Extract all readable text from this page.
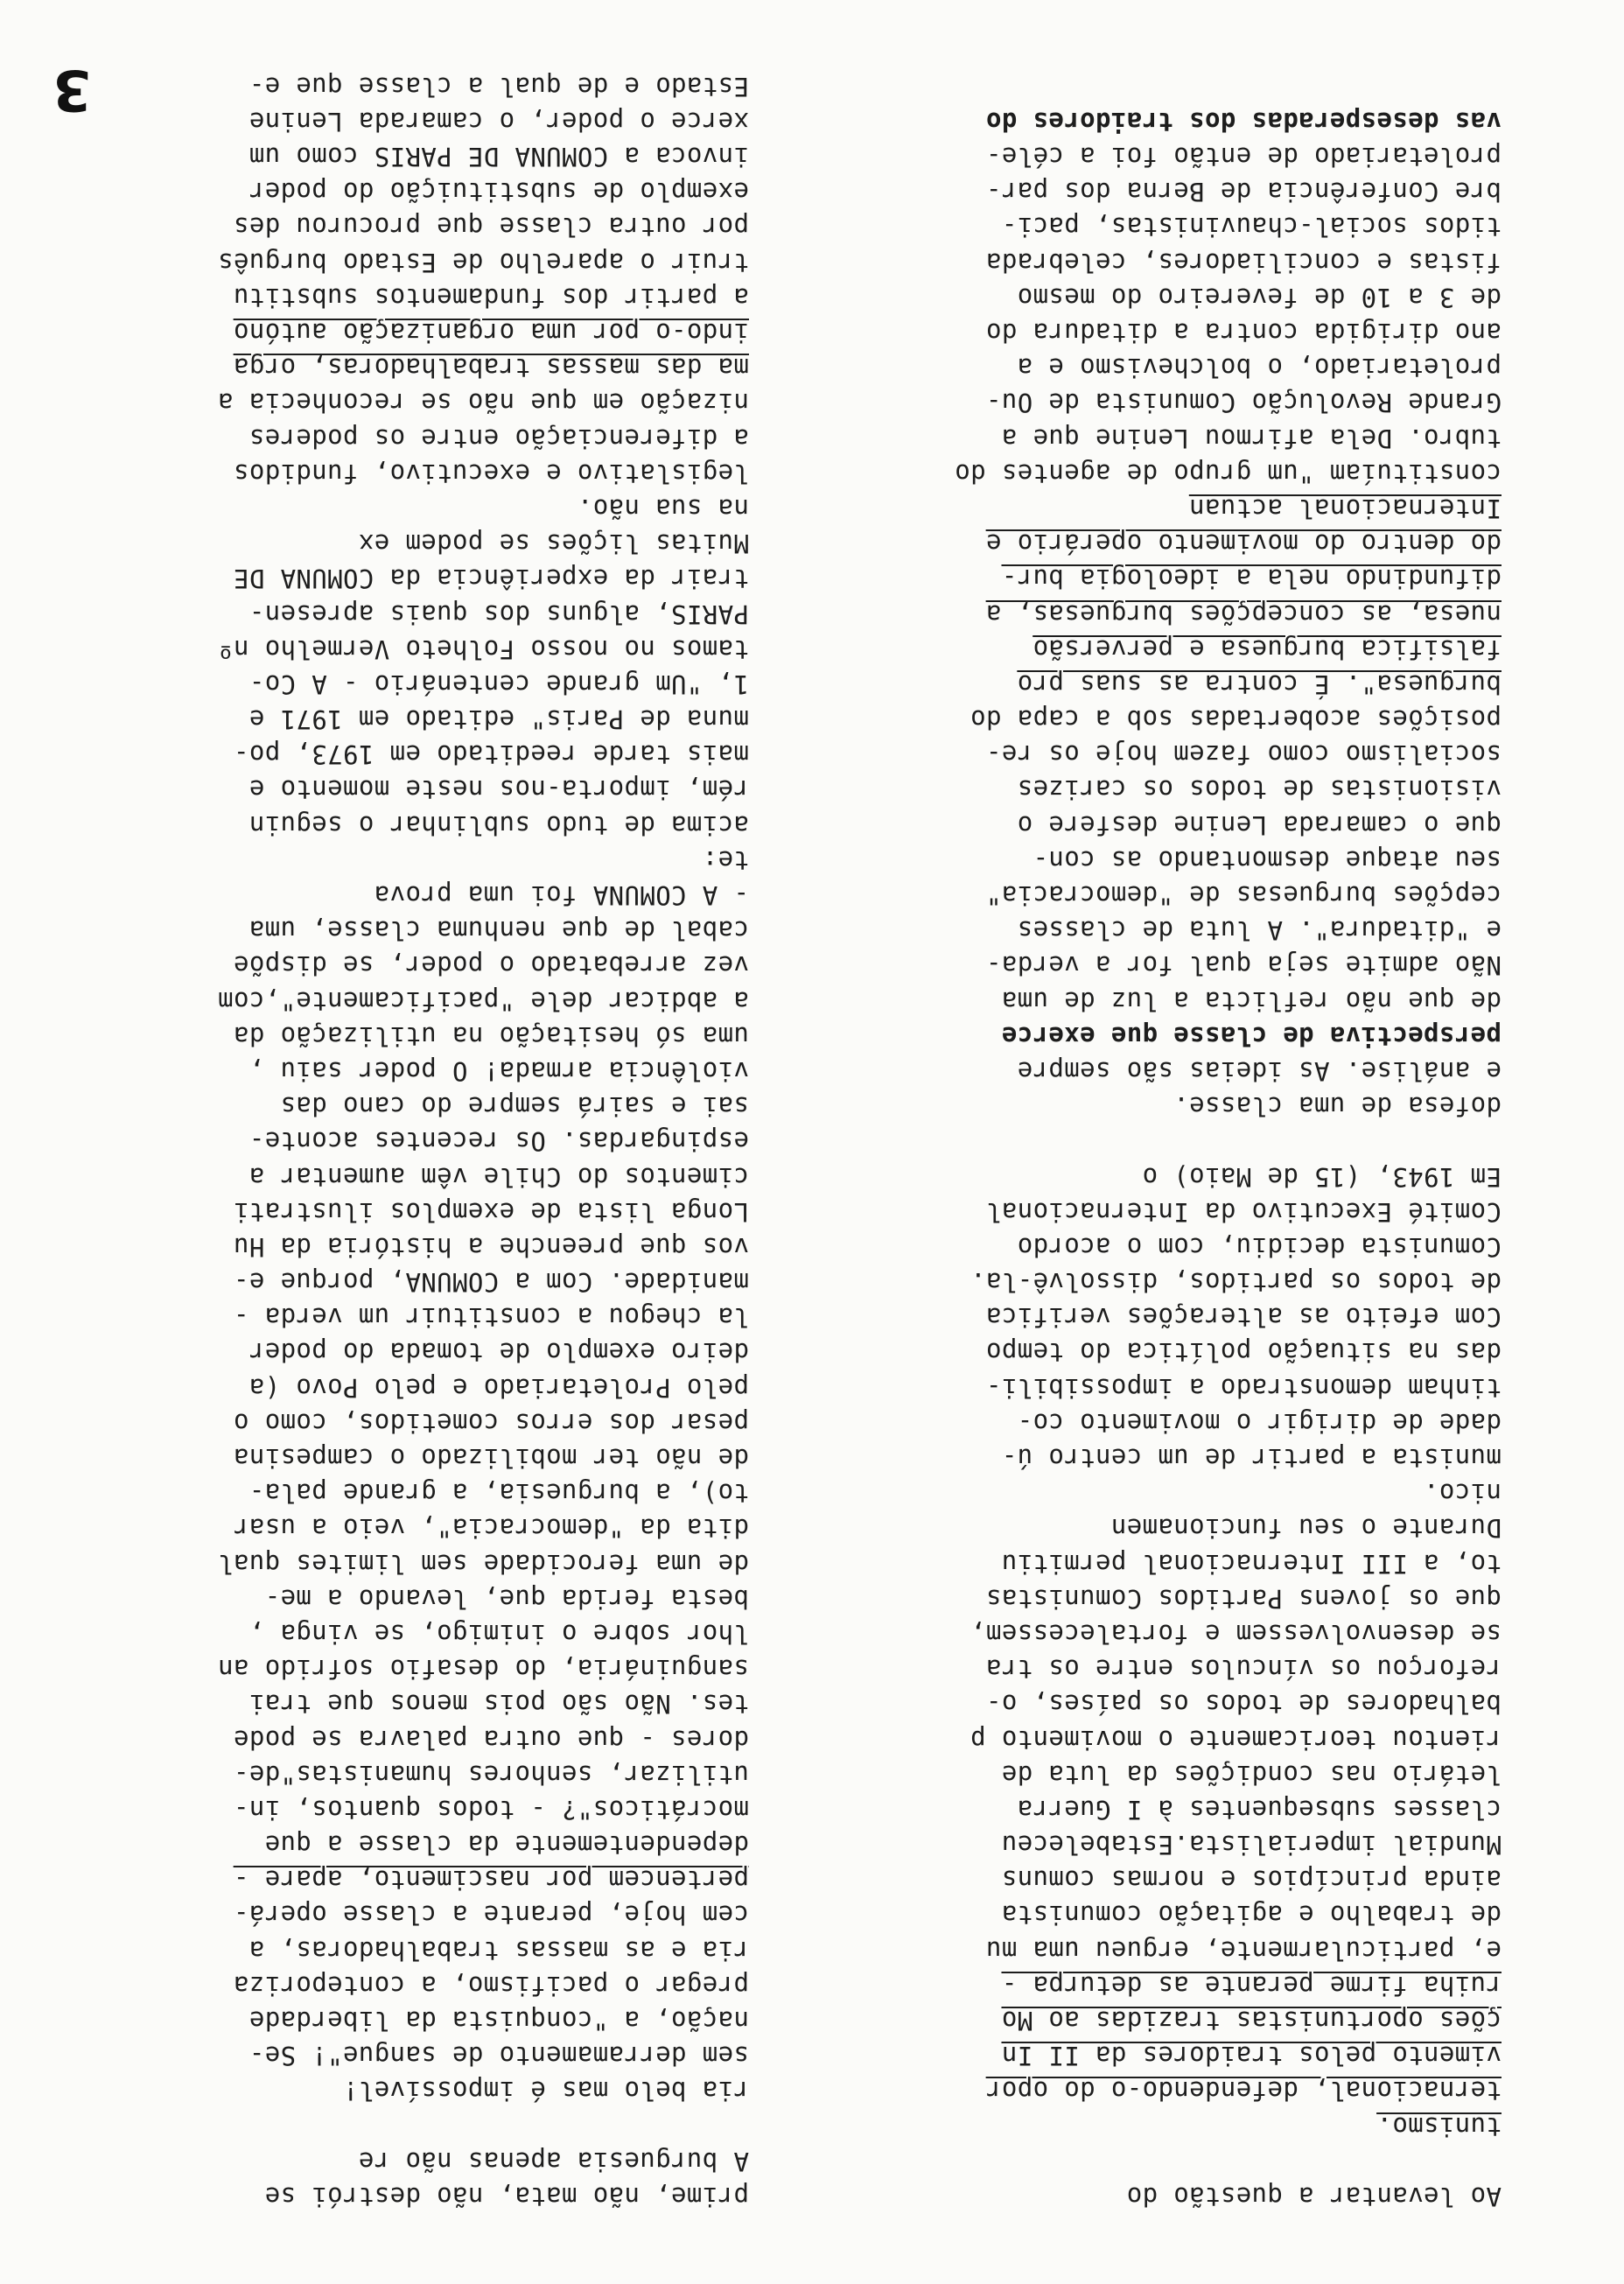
3
Ao levantar a questão do
tunismo.
ternacional, defendendo-o do opor
vimento pelos traidores da II In
ções oportunistas trazidas ao Mo
ruiha firme perante as deturpa -
e, particularmente, ergueu uma mu
de trabalho e agitação comunista
ainda princípios e normas comuns
Mundial imperialista.Estabeleceu
classes subsequentes à I Guerra
letário nas condições da luta de
rientou teoricamente o movimento p
balhadores de todos os países, o-
reforçou os vínculos entre os tra
se desenvolvessem e fortalecessem,
que os jovens Partidos Comunistas
to, a III Internacional permitiu
Durante o seu funcionamen
nico.
munista a partir de um centro ú-
dade de dirigir o movimento co-
tinham demonstrado a impossibili-
das na situação política do tempo
Com efeito as alterações verifica
de todos os partidos, dissolvê-la.
Comunista decidiu, com o acordo
Comité Executivo da Internacional
Em 1943, (15 de Maio) o
dofesa de uma classe.
e análise. As ideias são sempre
perspectiva de classe que exerce
de que não reflicta a luz de uma
Não admite seja qual for a verda-
e "ditadura". A luta de classes
cepções burguesas de "democracia"
seu ataque desmontando as con-
que o camarada Lenine desfere o
visionistas de todos os carizes
socialismo como fazem hoje os re-
posições acobertadas sob a capa do
burguesa". É contra as suas pro
falsifica burguesa e perversão
nuesa, as concepções burguesas, a
difundindo nela a ideologia bur-
do dentro do movimento operário e
Internacional actuan
constituíam "um grupo de agentes do
tubro. Dela afirmou Lenine que a
Grande Revolução Comunista de Ou-
proletariado, o bolchevismo e a
ano dirigida contra a ditadura do
de 3 a 10 de fevereiro do mesmo
fistas e conciliadores, celebrada
tidos social-chauvinistas, paci-
bre Conferência de Berna dos par-
proletariado de então foi a céle-
vas desesperadas dos traidores do
prime, não mata, não destrói se
A burguesia apenas não re
ria belo mas é impossível!
sem derramamento de sangue"! Se-
nação, a "conquista da liberdade
pregar o pacifismo, a conteporiza
ria e as massas trabalhadoras, a
cem hoje, perante a classe operá-
pertencem por nascimento, apare -
dependentemente da classe a que
mocráticos"? - todos quantos, in-
utilizar, senhores humanistas"de-
dores - que outra palavra se pode
tes. Não são pois menos que trai
sanguinária, do desafio sofrido an
lhor sobre o inimigo, se vinga ,
besta ferida que, levando a me-
de uma ferocidade sem limites qual
dita da "democracia", veio a usar
to), a burguesia, a grande pala-
de não ter mobilizado o campesina
pesar dos erros cometidos, como o
pelo Proletariado e pelo Povo (a
deiro exemplo de tomada do poder
la chegou a constituir um verda -
manidade. Com a COMUNA, porque e-
vos que preenche a história da Hu
Longa lista de exemplos ilustrati
cimentos do Chile vêm aumentar a
espingardas. Os recentes aconte-
sai e sairá sempre do cano das
violência armada! O poder saiu ,
uma só hesitação na utilização da
a abdicar dele "pacificamente",com
vez arrebatado o poder, se dispõe
cabal de que nenhuma classe, uma
- A COMUNA foi uma prova
te:
acima de tudo sublinhar o seguin
rém, importa-nos neste momento e
mais tarde reeditado em 1973, po-
muna de Paris" editado em 1971 e
1, "Um grande centenário - A Co-
tamos no nosso Folheto Vermelho nº
PARIS, alguns dos quais apresen-
trair da experiência da COMUNA DE
Muitas lições se podem ex
na sua não.
legislativo e executivo, fundidos
a diferenciação entre os poderes
nização em que não se reconhecia a
ma das massas trabalhadoras, orga
indo-o por uma organização autóno
a partir dos fundamentos substitu
truir o aparelho de Estado burguês
por outra classe que procurou des
exemplo de substituição do poder
invoca a COMUNA DE PARIS como um
xerce o poder, o camarada Lenine
Estado e de qual a classe que e-
